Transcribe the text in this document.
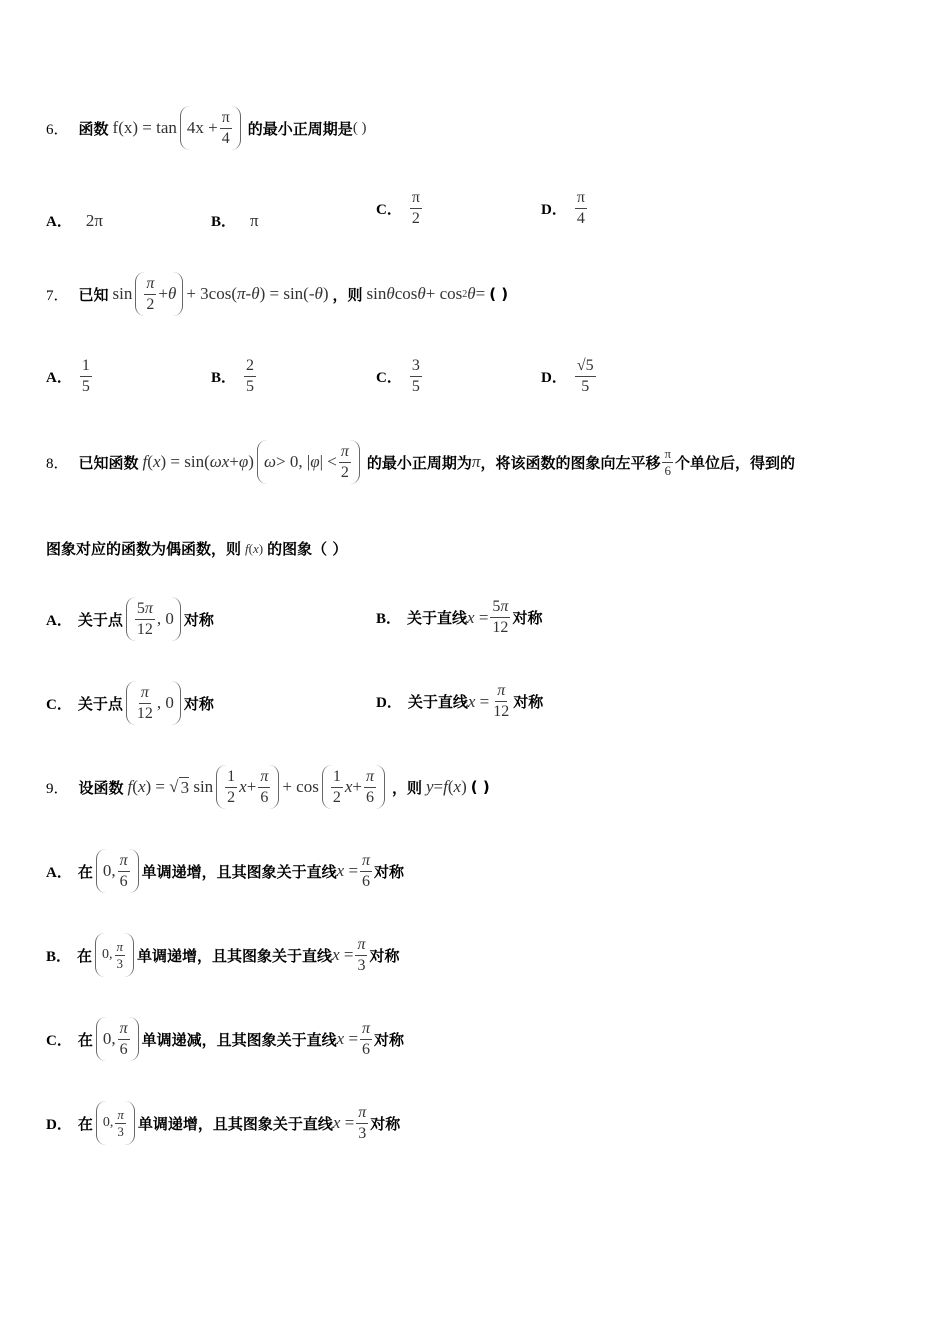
6． 函数 $f(x) = \tan 4x + \frac{\pi}{4}$ 的最小正周期是 ( )
A． 2π	B． π
C． $\frac{\pi}{2}$	D． $\frac{\pi}{4}$
7． 已知 $\sin \frac{\pi}{2} + \theta + 3\cos$( π - θ ) = sin(- θ ) ，则 sin θ cos θ + cos 2 θ = ( )
A． $\frac{1}{5}$	B． $\frac{2}{5}$	C． $\frac{3}{5}$	D． $\frac{√5}{5}$
8． 已知函数 f ( x ) = sin( ωx + φ ) ω > 0, | φ | < $\frac{\pi}{2}$ 的最小正周期为 π ，将该函数的图象向左平移 $\frac{\pi}{6}$ 个单位后，得到的
图象对应的函数为偶函数，则 f ( x ) 的图象（ ）
A． 关于点 $\frac{5\pi}{12}$ , 0 对称	B． 关于直线 $x = \frac{5\pi}{12}$ 对称
C． 关于点 $\frac{\pi}{12}$ , 0 对称	D． 关于直线 $x = \frac{\pi}{12}$ 对称
9． 设函数 f ( x ) = √ 3 $\sin \frac{1}{2}$ $x + \frac{\pi}{6} + \cos \frac{1}{2}$ $x + \frac{\pi}{6}$ ，则 y = f ( x ) ( )
A． 在 0, $\frac{\pi}{6}$ 单调递增，且其图象关于直线 $x = \frac{\pi}{6}$ 对称
B． 在 0, $\frac{\pi}{3}$ 单调递增，且其图象关于直线 $x = \frac{\pi}{3}$ 对称
C． 在 0, $\frac{\pi}{6}$ 单调递减，且其图象关于直线 $x = \frac{\pi}{6}$ 对称
D． 在 0, $\frac{\pi}{3}$ 单调递增，且其图象关于直线 $x = \frac{\pi}{3}$ 对称
